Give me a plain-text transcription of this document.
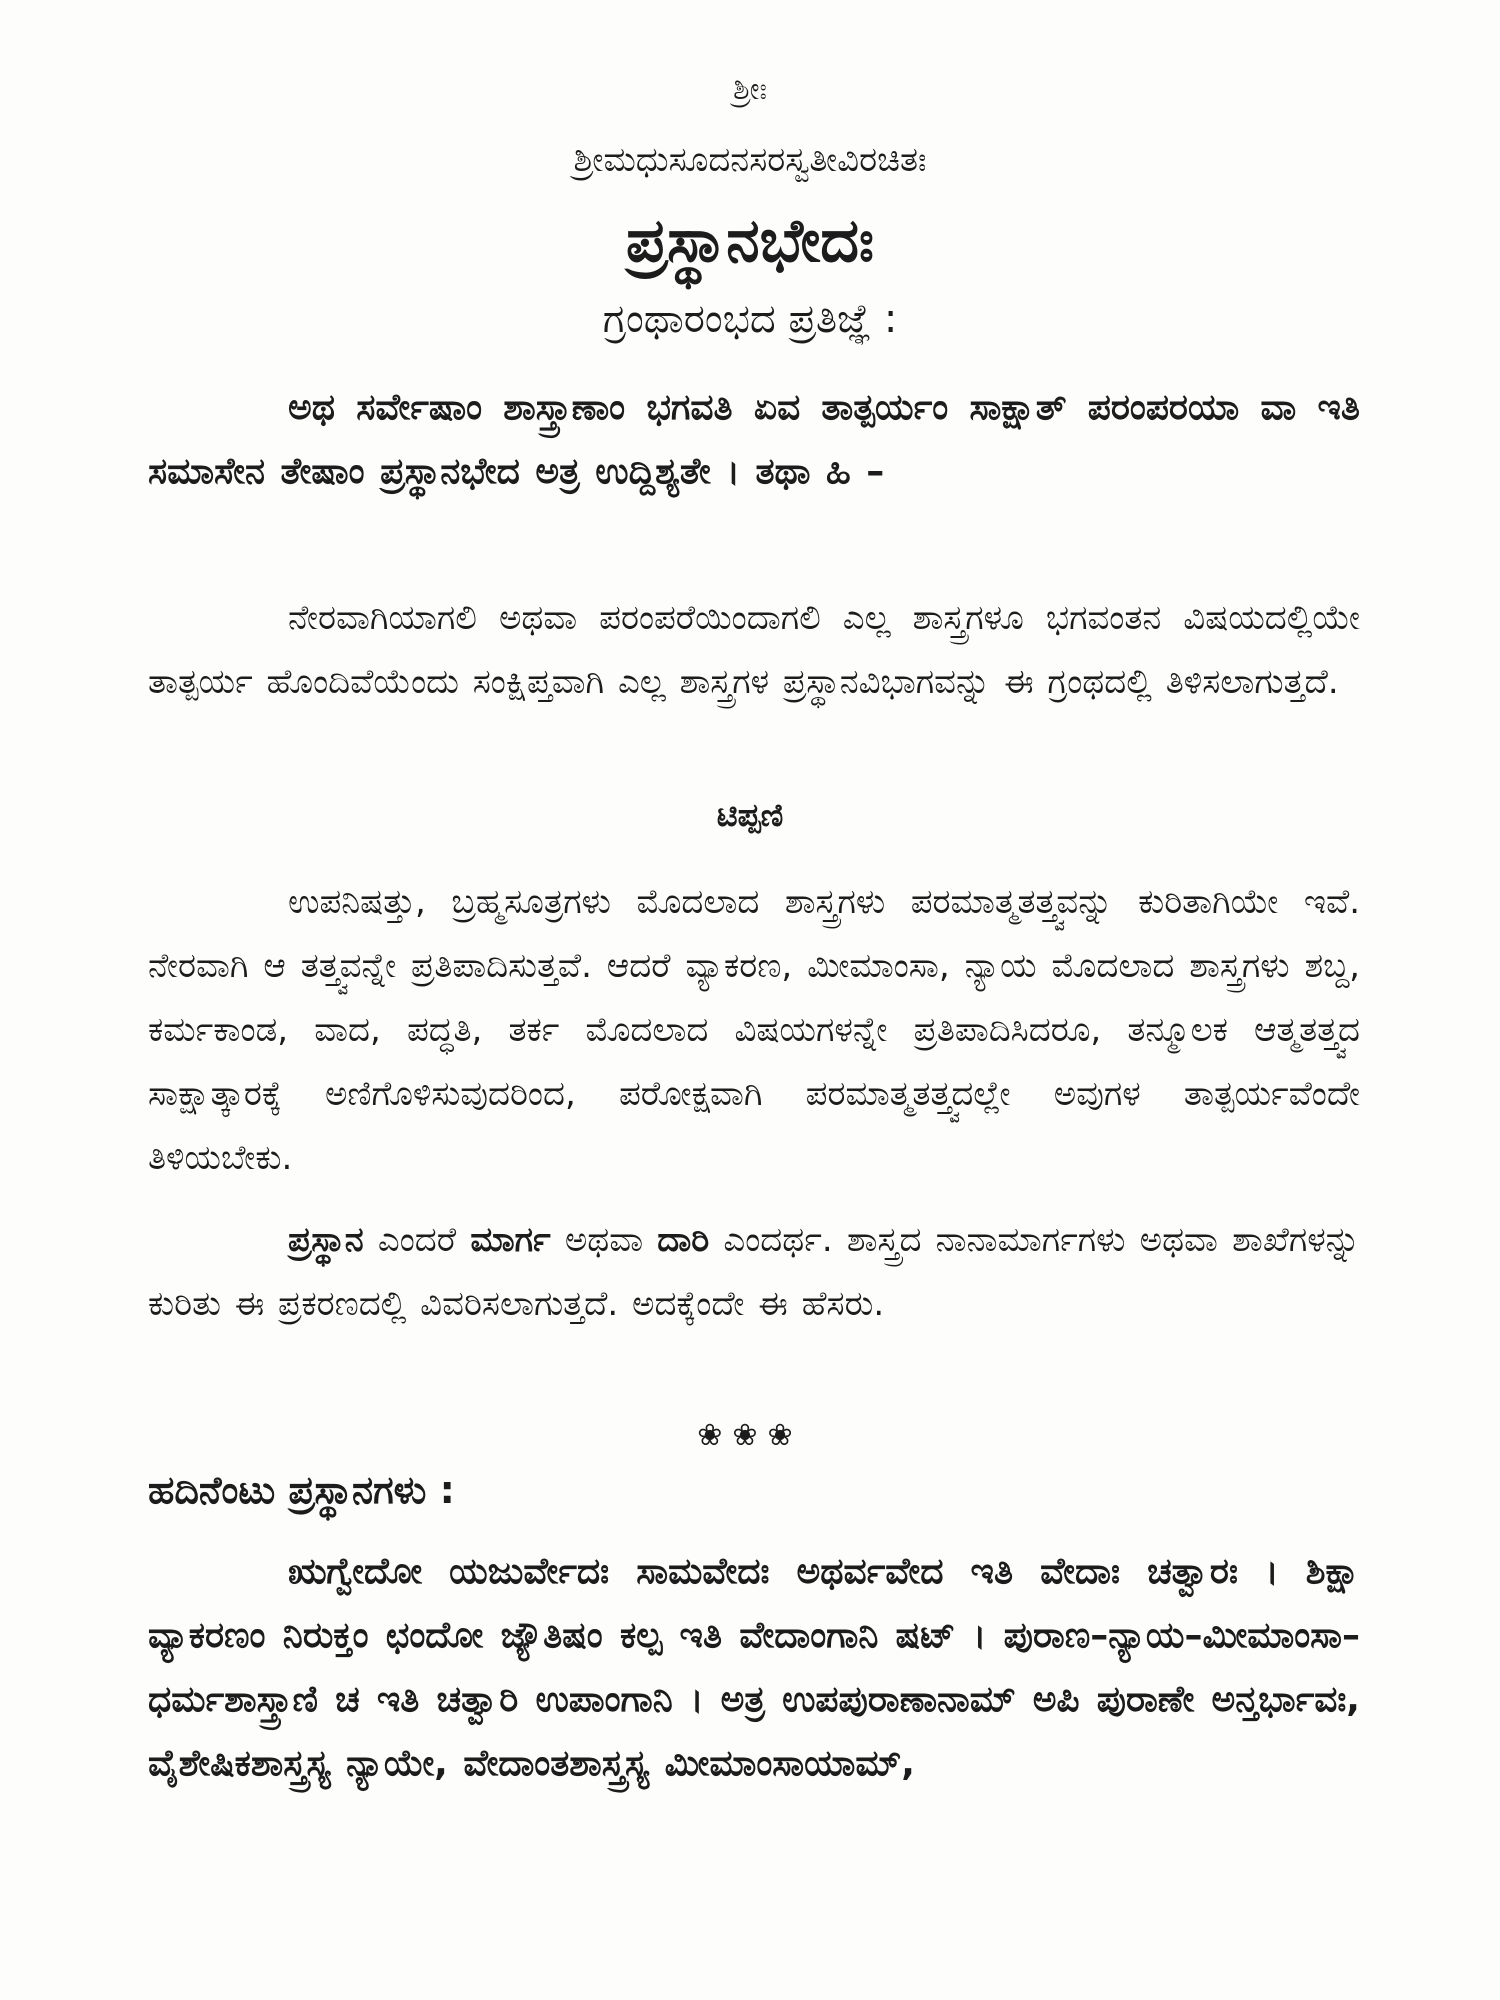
ಶ್ರೀಃ
ಶ್ರೀಮಧುಸೂದನಸರಸ್ವತೀವಿರಚಿತಃ
ಪ್ರಸ್ಥಾನಭೇದಃ
ಗ್ರಂಥಾರಂಭದ ಪ್ರತಿಜ್ಞೆ :
ಅಥ ಸರ್ವೇಷಾಂ ಶಾಸ್ತ್ರಾಣಾಂ ಭಗವತಿ ಏವ ತಾತ್ಪರ್ಯಂ ಸಾಕ್ಷಾತ್ ಪರಂಪರಯಾ ವಾ ಇತಿ ಸಮಾಸೇನ ತೇಷಾಂ ಪ್ರಸ್ಥಾನಭೇದ ಅತ್ರ ಉದ್ದಿಶ್ಯತೇ । ತಥಾ ಹಿ –
ನೇರವಾಗಿಯಾಗಲಿ ಅಥವಾ ಪರಂಪರೆಯಿಂದಾಗಲಿ ಎಲ್ಲ ಶಾಸ್ತ್ರಗಳೂ ಭಗವಂತನ ವಿಷಯದಲ್ಲಿಯೇ ತಾತ್ಪರ್ಯ ಹೊಂದಿವೆಯೆಂದು ಸಂಕ್ಷಿಪ್ತವಾಗಿ ಎಲ್ಲ ಶಾಸ್ತ್ರಗಳ ಪ್ರಸ್ಥಾನವಿಭಾಗವನ್ನು ಈ ಗ್ರಂಥದಲ್ಲಿ ತಿಳಿಸಲಾಗುತ್ತದೆ.
ಟಿಪ್ಪಣಿ
ಉಪನಿಷತ್ತು, ಬ್ರಹ್ಮಸೂತ್ರಗಳು ಮೊದಲಾದ ಶಾಸ್ತ್ರಗಳು ಪರಮಾತ್ಮತತ್ತ್ವವನ್ನು ಕುರಿತಾಗಿಯೇ ಇವೆ. ನೇರವಾಗಿ ಆ ತತ್ತ್ವವನ್ನೇ ಪ್ರತಿಪಾದಿಸುತ್ತವೆ. ಆದರೆ ವ್ಯಾಕರಣ, ಮೀಮಾಂಸಾ, ನ್ಯಾಯ ಮೊದಲಾದ ಶಾಸ್ತ್ರಗಳು ಶಬ್ದ, ಕರ್ಮಕಾಂಡ, ವಾದ, ಪದ್ಧತಿ, ತರ್ಕ ಮೊದಲಾದ ವಿಷಯಗಳನ್ನೇ ಪ್ರತಿಪಾದಿಸಿದರೂ, ತನ್ಮೂಲಕ ಆತ್ಮತತ್ತ್ವದ ಸಾಕ್ಷಾತ್ಕಾರಕ್ಕೆ ಅಣಿಗೊಳಿಸುವುದರಿಂದ, ಪರೋಕ್ಷವಾಗಿ ಪರಮಾತ್ಮತತ್ತ್ವದಲ್ಲೇ ಅವುಗಳ ತಾತ್ಪರ್ಯವೆಂದೇ ತಿಳಿಯಬೇಕು.
ಪ್ರಸ್ಥಾನ ಎಂದರೆ ಮಾರ್ಗ ಅಥವಾ ದಾರಿ ಎಂದರ್ಥ. ಶಾಸ್ತ್ರದ ನಾನಾಮಾರ್ಗಗಳು ಅಥವಾ ಶಾಖೆಗಳನ್ನು ಕುರಿತು ಈ ಪ್ರಕರಣದಲ್ಲಿ ವಿವರಿಸಲಾಗುತ್ತದೆ. ಅದಕ್ಕೆಂದೇ ಈ ಹೆಸರು.
❀❀❀
ಹದಿನೆಂಟು ಪ್ರಸ್ಥಾನಗಳು :
ಋಗ್ವೇದೋ ಯಜುರ್ವೇದಃ ಸಾಮವೇದಃ ಅಥರ್ವವೇದ ಇತಿ ವೇದಾಃ ಚತ್ವಾರಃ । ಶಿಕ್ಷಾ ವ್ಯಾಕರಣಂ ನಿರುಕ್ತಂ ಛಂದೋ ಜ್ಯೌತಿಷಂ ಕಲ್ಪ ಇತಿ ವೇದಾಂಗಾನಿ ಷಟ್ । ಪುರಾಣ–ನ್ಯಾಯ–ಮೀಮಾಂಸಾ–ಧರ್ಮಶಾಸ್ತ್ರಾಣಿ ಚ ಇತಿ ಚತ್ವಾರಿ ಉಪಾಂಗಾನಿ । ಅತ್ರ ಉಪಪುರಾಣಾನಾಮ್ ಅಪಿ ಪುರಾಣೇ ಅನ್ತರ್ಭಾವಃ, ವೈಶೇಷಿಕಶಾಸ್ತ್ರಸ್ಯ ನ್ಯಾಯೇ, ವೇದಾಂತಶಾಸ್ತ್ರಸ್ಯ ಮೀಮಾಂಸಾಯಾಮ್,
